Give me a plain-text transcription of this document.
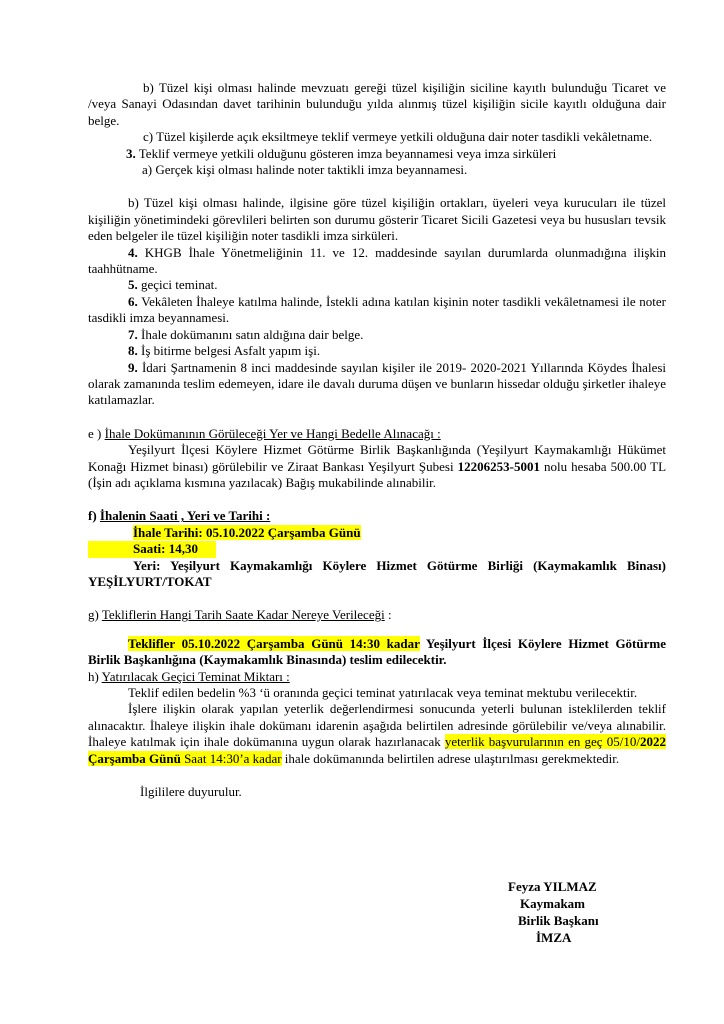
b) Tüzel kişi olması halinde mevzuatı gereği tüzel kişiliğin siciline kayıtlı bulunduğu Ticaret ve /veya Sanayi Odasından davet tarihinin bulunduğu yılda alınmış tüzel kişiliğin sicile kayıtlı olduğuna dair belge.

c) Tüzel kişilerde açık eksiltmeye teklif vermeye yetkili olduğuna dair noter tasdikli vekâletname.

3. Teklif vermeye yetkili olduğunu gösteren imza beyannamesi veya imza sirküleri

a) Gerçek kişi olması halinde noter taktikli imza beyannamesi.

b) Tüzel kişi olması halinde, ilgisine göre tüzel kişiliğin ortakları, üyeleri veya kurucuları ile tüzel kişiliğin yönetimindeki görevlileri belirten son durumu gösterir Ticaret Sicili Gazetesi veya bu hususları tevsik eden belgeler ile tüzel kişiliğin noter tasdikli imza sirküleri.

4. KHGB İhale Yönetmeliğinin 11. ve 12. maddesinde sayılan durumlarda olunmadığına ilişkin taahhütname.

5. geçici teminat.

6. Vekâleten İhaleye katılma halinde, İstekli adına katılan kişinin noter tasdikli vekâletnamesi ile noter tasdikli imza beyannamesi.

7. İhale dokümanını satın aldığına dair belge.

8. İş bitirme belgesi Asfalt yapım işi.

9. İdari Şartnamenin 8 inci maddesinde sayılan kişiler ile 2019- 2020-2021 Yıllarında Köydes İhalesi olarak zamanında teslim edemeyen, idare ile davalı duruma düşen ve bunların hissedar olduğu şirketler ihaleye katılamazlar.

e ) İhale Dokümanının Görüleceği Yer ve Hangi Bedelle Alınacağı :

Yeşilyurt İlçesi Köylere Hizmet Götürme Birlik Başkanlığında (Yeşilyurt Kaymakamlığı Hükümet Konağı Hizmet binası) görülebilir ve Ziraat Bankası Yeşilyurt Şubesi 12206253-5001 nolu hesaba 500.00 TL (İşin adı açıklama kısmına yazılacak) Bağış mukabilinde alınabilir.

f) İhalenin Saati , Yeri ve Tarihi :

İhale Tarihi: 05.10.2022 Çarşamba Günü

Saati: 14,30

Yeri: Yeşilyurt Kaymakamlığı Köylere Hizmet Götürme Birliği (Kaymakamlık Binası) YEŞİLYURT/TOKAT

g) Tekliflerin Hangi Tarih Saate Kadar Nereye Verileceği :

Teklifler 05.10.2022 Çarşamba Günü 14:30 kadar Yeşilyurt İlçesi Köylere Hizmet Götürme Birlik Başkanlığına (Kaymakamlık Binasında) teslim edilecektir.

h) Yatırılacak Geçici Teminat Miktarı :

Teklif edilen bedelin %3 ‘ü oranında geçici teminat yatırılacak veya teminat mektubu verilecektir.

İşlere ilişkin olarak yapılan yeterlik değerlendirmesi sonucunda yeterli bulunan isteklilerden teklif alınacaktır. İhaleye ilişkin ihale dokümanı idarenin aşağıda belirtilen adresinde görülebilir ve/veya alınabilir. İhaleye katılmak için ihale dokümanına uygun olarak hazırlanacak yeterlik başvurularının en geç 05/10/2022 Çarşamba Günü Saat 14:30’a kadar ihale dokümanında belirtilen adrese ulaştırılması gerekmektedir.

İlgililere duyurulur.

Feyza YILMAZ
Kaymakam
Birlik Başkanı
İMZA
